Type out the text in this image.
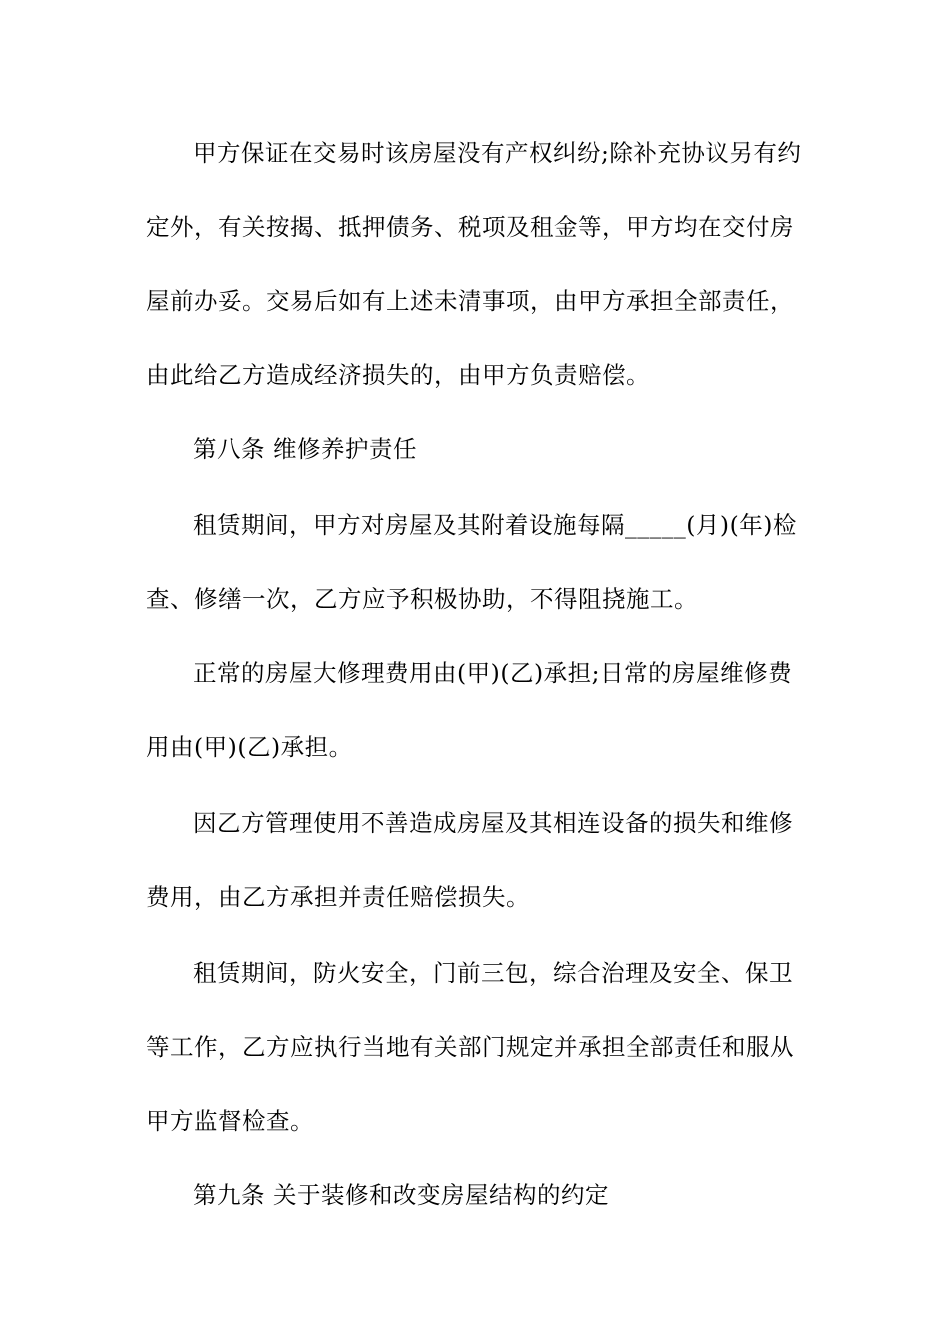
甲方保证在交易时该房屋没有产权纠纷;除补充协议另有约
定外，有关按揭、抵押债务、税项及租金等，甲方均在交付房
屋前办妥。交易后如有上述未清事项，由甲方承担全部责任，
由此给乙方造成经济损失的，由甲方负责赔偿。
第八条 维修养护责任
租赁期间，甲方对房屋及其附着设施每隔_____(月)(年)检
查、修缮一次，乙方应予积极协助，不得阻挠施工。
正常的房屋大修理费用由(甲)(乙)承担;日常的房屋维修费
用由(甲)(乙)承担。
因乙方管理使用不善造成房屋及其相连设备的损失和维修
费用，由乙方承担并责任赔偿损失。
租赁期间，防火安全，门前三包，综合治理及安全、保卫
等工作，乙方应执行当地有关部门规定并承担全部责任和服从
甲方监督检查。
第九条 关于装修和改变房屋结构的约定
